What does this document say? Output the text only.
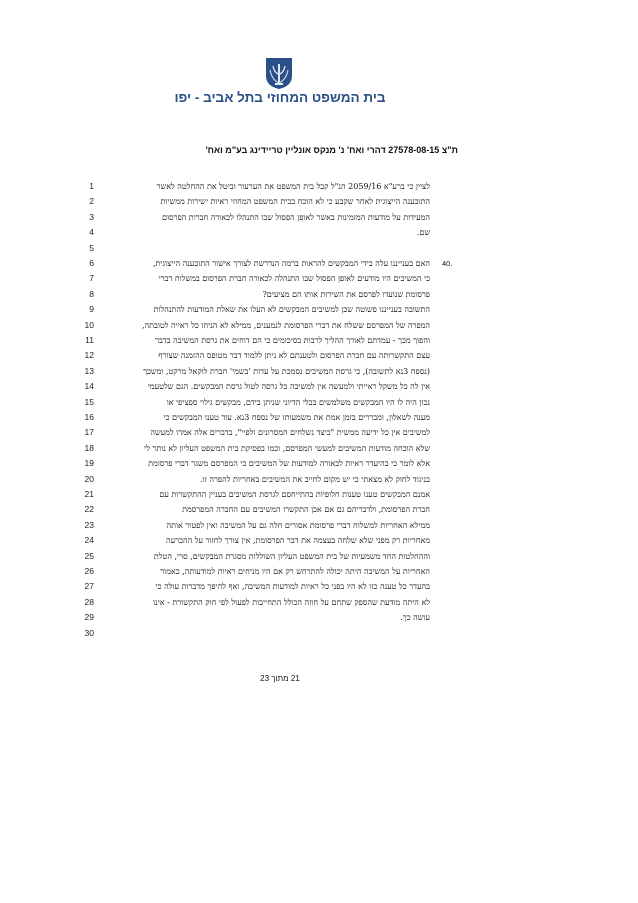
בית המשפט המחוזי בתל אביב - יפו
ת"צ 27578-08-15 דהרי ואח' נ' מנקס אונליין טריידינג בע"מ ואח'
1	לציין כי ברע"א 2059/16 הנ"ל קבל בית המשפט את הערעור וביטל את ההחלטה לאשר
2	התובענה הייצוגית לאחר שקבע כי לא הוכח בבית המשפט המחוזי ראיות ישירות ממשיות
3	המעידות על מודעות המזמינות באשר לאופן הפסול שבו התנהלו לכאורה חברות הפרסום
4	שם.
5
6	האם בענייננו עלה בידי המבקשים להראות ברמה הנדרשת לצורך אישור התובענה הייצוגית, 40.
7	כי המשיבים היו מודעים לאופן הפסול שבו התנהלה לכאורה חברת הפרסום במשלוח דברי
8	פרסומת שנועדו לפרסם את השירות אותו הם מציעים?
9	התשובה בענייננו פשוטה שכן למשיבים המבקשים לא העלו את שאלת המודעות להתנהלות
10	המפרה של המפרסם ששלח את דברי הפרסומת לנמענים, ממילא לא הניחו כל ראייה לטובתה,
11	והפוך מכך - עמדתם לאורך ההליך לרבות בסיכומים כי הם דוחים את גרסת המשיבה בדבר
12	עצם התקשרותה עם חברת הפרסום ולטענתם לא ניתן ללמוד דבר מטופס ההזמנה שצורף
13	(נספח 3נא לתשובה), כי גרסת המשיבים נסמכת על עדות 'בשמי' חברת לוקאל מרקט, ומשכך
14	אין לה כל משקל ראייתי ולמעשה אין למשיבה כל גרסה לטול גרסת המבקשים. הגם שלטעמי
15	נכון היה לו היו המבקשים משלמשים בכלי הדיוני שניתן בידם, מבקשים גילוי ספציפי או
16	מענה לשאלון, ומבררים בזמן אמת את משמעותו של נספח 3נא. עוד טענו המבקשים כי
17	למשיבים אין כל ידיעה ממשית "כיצד נשלחים המסרונים ולפיי", בדברים אלה אמרו למעשה
18	שלא הוכחה מודעות המשיבים למעשי המפרסם, וכמו בפסיקת בית המשפט העליון לא נותר לי
19	אלא לומר כי בהיעדר ראיות לכאורה למודעות של המשיבים כי המפרסם משגר דברי פרסומת
20	בניגוד לחוק לא מצאתי כי יש מקום לחייב את המשיבים באחריות להפרה זו.
21	אמנם המבקשים טענו טענות חלופיות בהתייחסם לגרסת המשיבים בעניין ההתקשרות עם
22	חברת הפרסומת, ולדבריהם גם אם אכן התקשרו המשיבים עם החברה המפרסמת
23	ממילא האחריות למשלוח דברי פרסומת אסורים חלה גם על המשיבה ואין לפטור אותה
24	מאחריות רק מפני שלא שלחה בעצמה את דבר הפרסומת, אין צורך לחזור על ההכרעה
25	וההחלטות החד משמעיות של בית המשפט העליון השוללות מסגרת המבקשים, סרי, הטלת
26	האחריות על המשיבה היתה יכולה להתרחש רק אם היו מניחים ראיות למודעותה, כאמור
27	בהעדר כל טענה כזו לא היו בפני כל ראיות למודעות המשיבה, ואף להיפך מדברות עולה כי
28	לא היתה מודעת שהספק שתחם על חוזה הכולל התחייבות לפעול לפי חוק התקשורת - אינו
29	עושה כך.
30
21 מתוך 23
